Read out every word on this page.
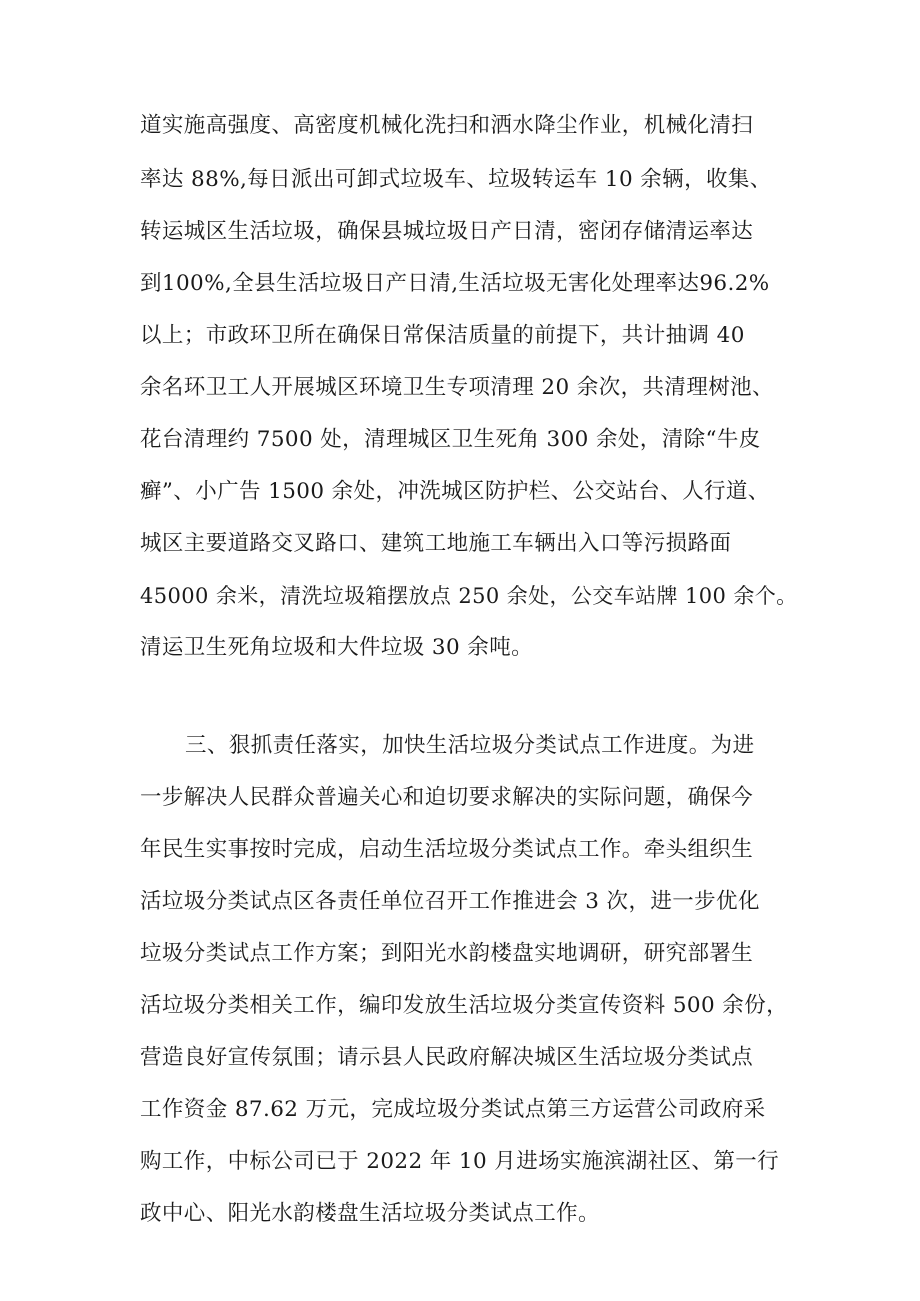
道实施高强度、高密度机械化洗扫和洒水降尘作业，机械化清扫
率达 88%,每日派出可卸式垃圾车、垃圾转运车 10 余辆，收集、
转运城区生活垃圾，确保县城垃圾日产日清，密闭存储清运率达
到100%,全县生活垃圾日产日清,生活垃圾无害化处理率达96.2%
以上；市政环卫所在确保日常保洁质量的前提下，共计抽调 40
余名环卫工人开展城区环境卫生专项清理 20 余次，共清理树池、
花台清理约 7500 处，清理城区卫生死角 300 余处，清除“牛皮
癣”、小广告 1500 余处，冲洗城区防护栏、公交站台、人行道、
城区主要道路交叉路口、建筑工地施工车辆出入口等污损路面
45000 余米，清洗垃圾箱摆放点 250 余处，公交车站牌 100 余个。
清运卫生死角垃圾和大件垃圾 30 余吨。
三、狠抓责任落实，加快生活垃圾分类试点工作进度。为进
一步解决人民群众普遍关心和迫切要求解决的实际问题，确保今
年民生实事按时完成，启动生活垃圾分类试点工作。牵头组织生
活垃圾分类试点区各责任单位召开工作推进会 3 次，进一步优化
垃圾分类试点工作方案；到阳光水韵楼盘实地调研，研究部署生
活垃圾分类相关工作，编印发放生活垃圾分类宣传资料 500 余份，
营造良好宣传氛围；请示县人民政府解决城区生活垃圾分类试点
工作资金 87.62 万元，完成垃圾分类试点第三方运营公司政府采
购工作，中标公司已于 2022 年 10 月进场实施滨湖社区、第一行
政中心、阳光水韵楼盘生活垃圾分类试点工作。
